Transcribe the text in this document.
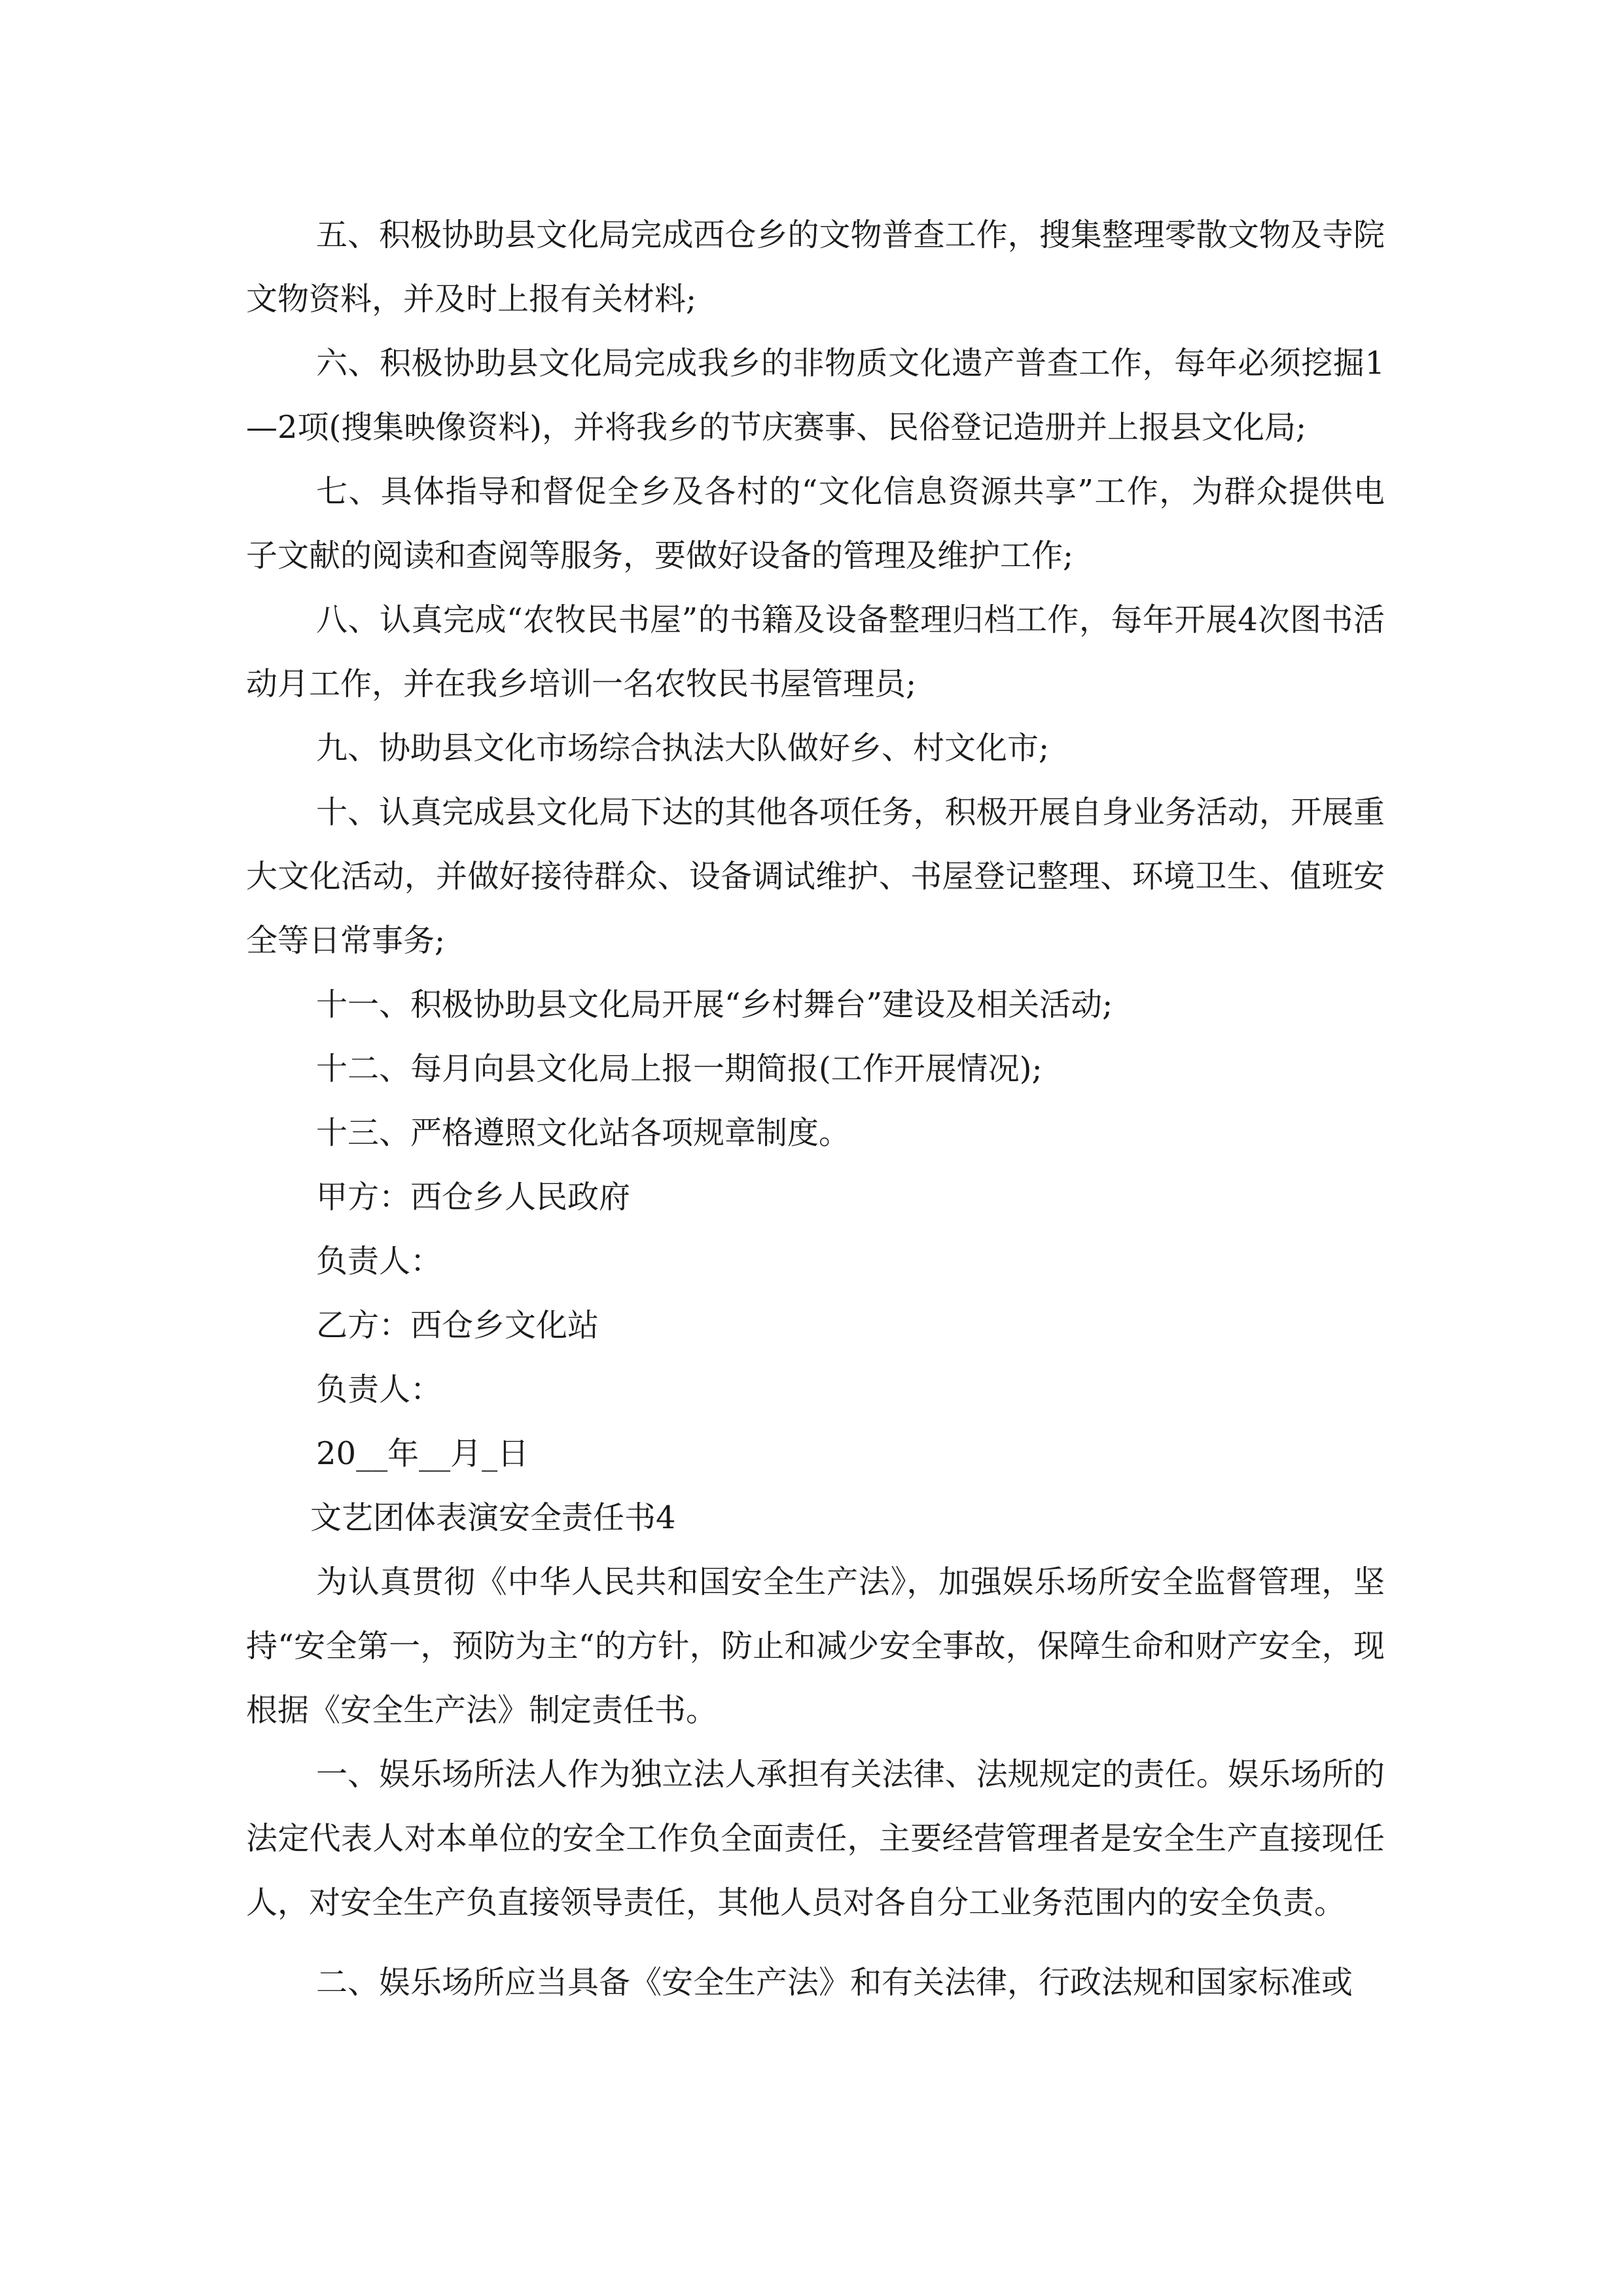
五、积极协助县文化局完成西仓乡的文物普查工作，搜集整理零散文物及寺院文物资料，并及时上报有关材料;

六、积极协助县文化局完成我乡的非物质文化遗产普查工作，每年必须挖掘1—2项(搜集映像资料)，并将我乡的节庆赛事、民俗登记造册并上报县文化局;

七、具体指导和督促全乡及各村的“文化信息资源共享”工作，为群众提供电子文献的阅读和查阅等服务，要做好设备的管理及维护工作;

八、认真完成“农牧民书屋”的书籍及设备整理归档工作，每年开展4次图书活动月工作，并在我乡培训一名农牧民书屋管理员;

九、协助县文化市场综合执法大队做好乡、村文化市;

十、认真完成县文化局下达的其他各项任务，积极开展自身业务活动，开展重大文化活动，并做好接待群众、设备调试维护、书屋登记整理、环境卫生、值班安全等日常事务;

十一、积极协助县文化局开展“乡村舞台”建设及相关活动;

十二、每月向县文化局上报一期简报(工作开展情况);

十三、严格遵照文化站各项规章制度。

甲方：西仓乡人民政府

负责人：

乙方：西仓乡文化站

负责人：

20__年__月_日

文艺团体表演安全责任书4

为认真贯彻《中华人民共和国安全生产法》，加强娱乐场所安全监督管理，坚持“安全第一，预防为主“的方针，防止和减少安全事故，保障生命和财产安全，现根据《安全生产法》制定责任书。

一、娱乐场所法人作为独立法人承担有关法律、法规规定的责任。娱乐场所的法定代表人对本单位的安全工作负全面责任，主要经营管理者是安全生产直接现任人，对安全生产负直接领导责任，其他人员对各自分工业务范围内的安全负责。

二、娱乐场所应当具备《安全生产法》和有关法律，行政法规和国家标准或
